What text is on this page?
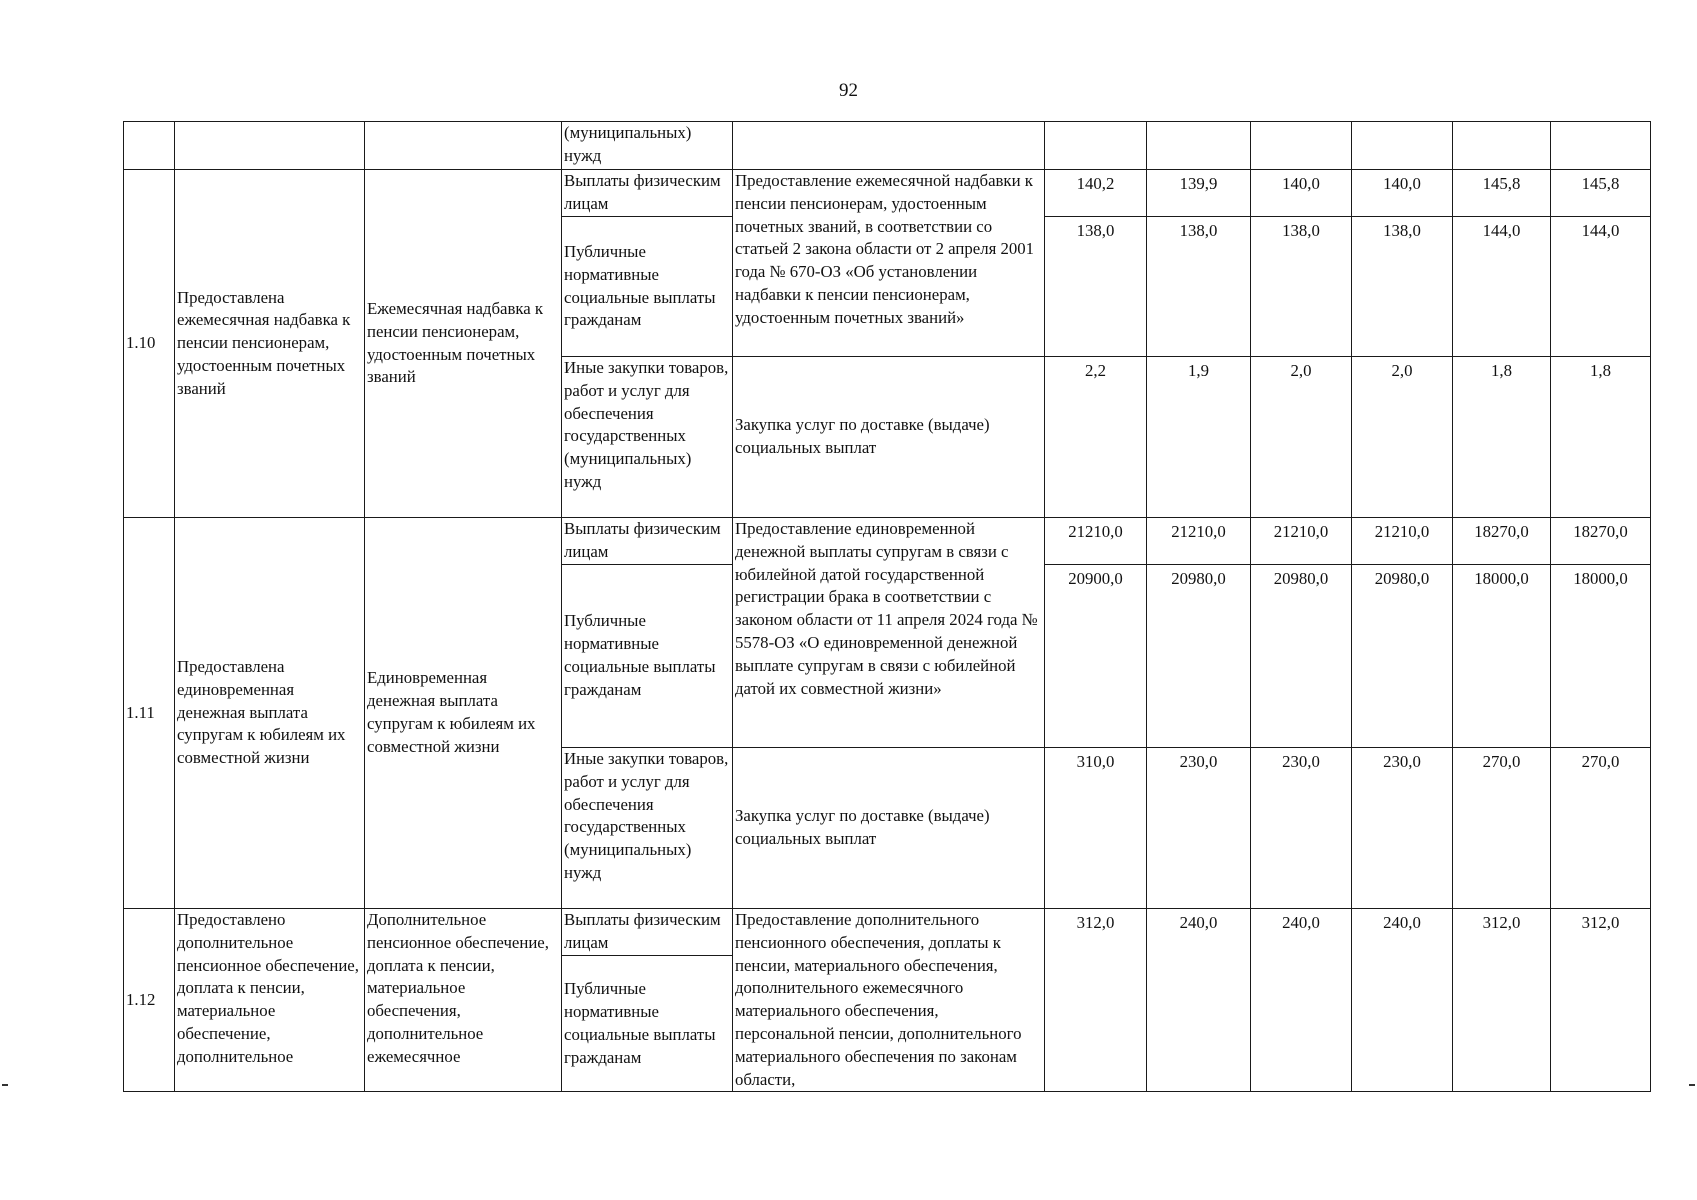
92
			(муниципальных) нужд							
1.10	Предоставлена ежемесячная надбавка к пенсии пенсионерам, удостоенным почетных званий	Ежемесячная надбавка к пенсии пенсионерам, удостоенным почетных званий	Выплаты физическим лицам	Предоставление ежемесячной надбавки к пенсии пенсионерам, удостоенным почетных званий, в соответствии со статьей 2 закона области от 2 апреля 2001 года № 670-ОЗ «Об установлении надбавки к пенсии пенсионерам, удостоенным почетных званий»	140,2	139,9	140,0	140,0	145,8	145,8
			Публичные нормативные социальные выплаты гражданам		138,0	138,0	138,0	138,0	144,0	144,0
			Иные закупки товаров, работ и услуг для обеспечения государственных (муниципальных) нужд	Закупка услуг по доставке (выдаче) социальных выплат	2,2	1,9	2,0	2,0	1,8	1,8
1.11	Предоставлена единовременная денежная выплата супругам к юбилеям их совместной жизни	Единовременная денежная выплата супругам к юбилеям их совместной жизни	Выплаты физическим лицам	Предоставление единовременной денежной выплаты супругам в связи с юбилейной датой государственной регистрации брака в соответствии с законом области от 11 апреля 2024 года № 5578-ОЗ «О единовременной денежной выплате супругам в связи с юбилейной датой их совместной жизни»	21210,0	21210,0	21210,0	21210,0	18270,0	18270,0
			Публичные нормативные социальные выплаты гражданам		20900,0	20980,0	20980,0	20980,0	18000,0	18000,0
			Иные закупки товаров, работ и услуг для обеспечения государственных (муниципальных) нужд	Закупка услуг по доставке (выдаче) социальных выплат	310,0	230,0	230,0	230,0	270,0	270,0
1.12	Предоставлено дополнительное пенсионное обеспечение, доплата к пенсии, материальное обеспечение, дополнительное	Дополнительное пенсионное обеспечение, доплата к пенсии, материальное обеспечения, дополнительное ежемесячное	Выплаты физическим лицам	Предоставление дополнительного пенсионного обеспечения, доплаты к пенсии, материального обеспечения, дополнительного ежемесячного материального обеспечения, персональной пенсии, дополнительного материального обеспечения по законам области,	312,0	240,0	240,0	240,0	312,0	312,0
			Публичные нормативные социальные выплаты гражданам							
